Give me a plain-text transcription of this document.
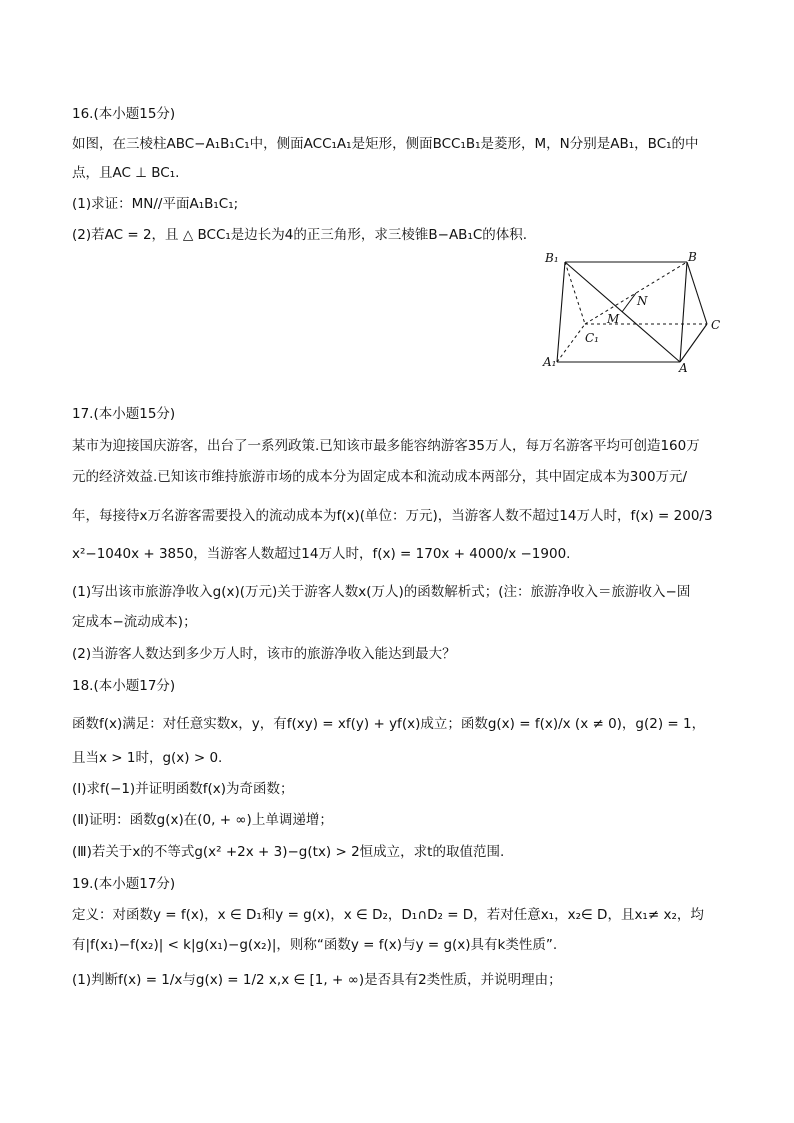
16.(本小题15分)
如图，在三棱柱ABC−A₁B₁C₁中，侧面ACC₁A₁是矩形，侧面BCC₁B₁是菱形，M，N分别是AB₁，BC₁的中
点，且AC ⊥ BC₁.
(1)求证：MN//平面A₁B₁C₁;
(2)若AC = 2，且 △ BCC₁是边长为4的正三角形，求三棱锥B−AB₁C的体积.
B₁	B
N
M	C
C₁
A₁	A
17.(本小题15分)
某市为迎接国庆游客，出台了一系列政策.已知该市最多能容纳游客35万人，每万名游客平均可创造160万
元的经济效益.已知该市维持旅游市场的成本分为固定成本和流动成本两部分，其中固定成本为300万元/
年，每接待x万名游客需要投入的流动成本为f(x)(单位：万元)，当游客人数不超过14万人时，f(x) = 200/3
x²−1040x + 3850，当游客人数超过14万人时，f(x) = 170x + 4000/x −1900.
(1)写出该市旅游净收入g(x)(万元)关于游客人数x(万人)的函数解析式；(注：旅游净收入＝旅游收入−固
定成本−流动成本)；
(2)当游客人数达到多少万人时，该市的旅游净收入能达到最大？
18.(本小题17分)
函数f(x)满足：对任意实数x，y，有f(xy) = xf(y) + yf(x)成立；函数g(x) = f(x)/x (x ≠ 0)，g(2) = 1，
且当x > 1时，g(x) > 0.
(Ⅰ)求f(−1)并证明函数f(x)为奇函数；
(Ⅱ)证明：函数g(x)在(0, + ∞)上单调递增；
(Ⅲ)若关于x的不等式g(x² +2x + 3)−g(tx) > 2恒成立，求t的取值范围.
19.(本小题17分)
定义：对函数y = f(x)，x ∈ D₁和y = g(x)，x ∈ D₂，D₁∩D₂ = D，若对任意x₁，x₂∈ D，且x₁≠ x₂，均
有|f(x₁)−f(x₂)| < k|g(x₁)−g(x₂)|，则称“函数y = f(x)与y = g(x)具有k类性质”.
(1)判断f(x) = 1/x与g(x) = 1/2 x,x ∈ [1, + ∞)是否具有2类性质，并说明理由；
